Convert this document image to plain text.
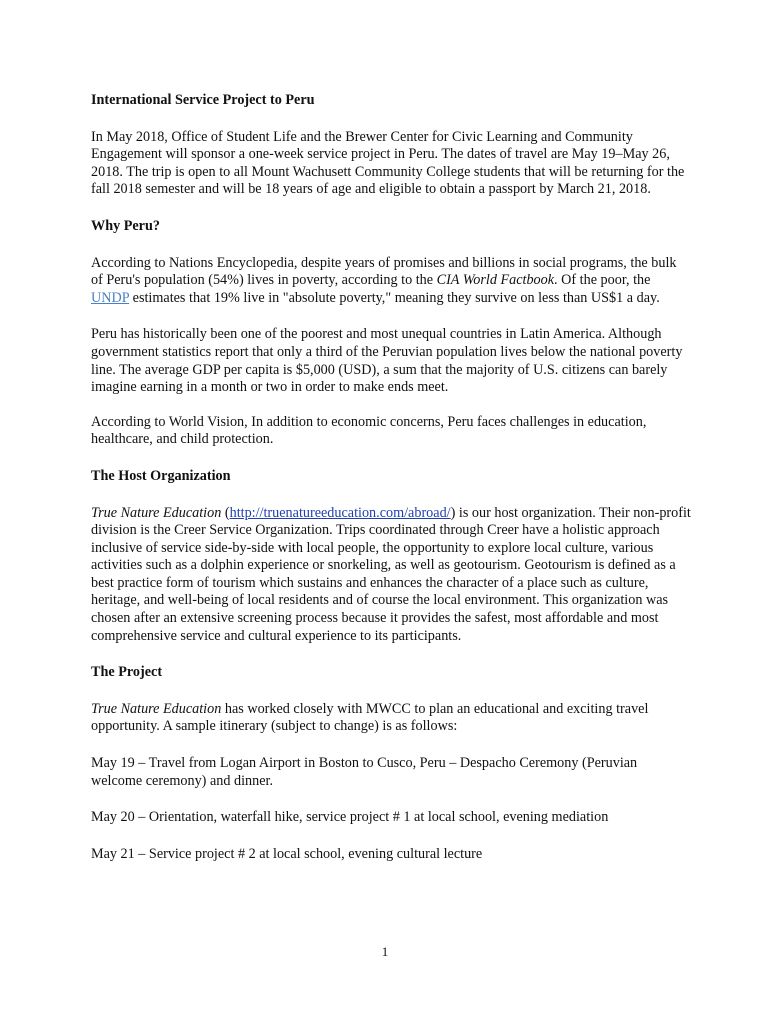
International Service Project to Peru

In May 2018, Office of Student Life and the Brewer Center for Civic Learning and Community Engagement will sponsor a one-week service project in Peru. The dates of travel are May 19–May 26, 2018. The trip is open to all Mount Wachusett Community College students that will be returning for the fall 2018 semester and will be 18 years of age and eligible to obtain a passport by March 21, 2018.

Why Peru?

According to Nations Encyclopedia, despite years of promises and billions in social programs, the bulk of Peru's population (54%) lives in poverty, according to the CIA World Factbook. Of the poor, the UNDP estimates that 19% live in "absolute poverty," meaning they survive on less than US$1 a day.

Peru has historically been one of the poorest and most unequal countries in Latin America. Although government statistics report that only a third of the Peruvian population lives below the national poverty line. The average GDP per capita is $5,000 (USD), a sum that the majority of U.S. citizens can barely imagine earning in a month or two in order to make ends meet.

According to World Vision, In addition to economic concerns, Peru faces challenges in education, healthcare, and child protection.

The Host Organization

True Nature Education (http://truenatureeducation.com/abroad/) is our host organization. Their non-profit division is the Creer Service Organization. Trips coordinated through Creer have a holistic approach inclusive of service side-by-side with local people, the opportunity to explore local culture, various activities such as a dolphin experience or snorkeling, as well as geotourism. Geotourism is defined as a best practice form of tourism which sustains and enhances the character of a place such as culture, heritage, and well-being of local residents and of course the local environment. This organization was chosen after an extensive screening process because it provides the safest, most affordable and most comprehensive service and cultural experience to its participants.

The Project

True Nature Education has worked closely with MWCC to plan an educational and exciting travel opportunity. A sample itinerary (subject to change) is as follows:

May 19 – Travel from Logan Airport in Boston to Cusco, Peru – Despacho Ceremony (Peruvian welcome ceremony) and dinner.

May 20 – Orientation, waterfall hike, service project # 1 at local school, evening mediation

May 21 – Service project # 2 at local school, evening cultural lecture

1
